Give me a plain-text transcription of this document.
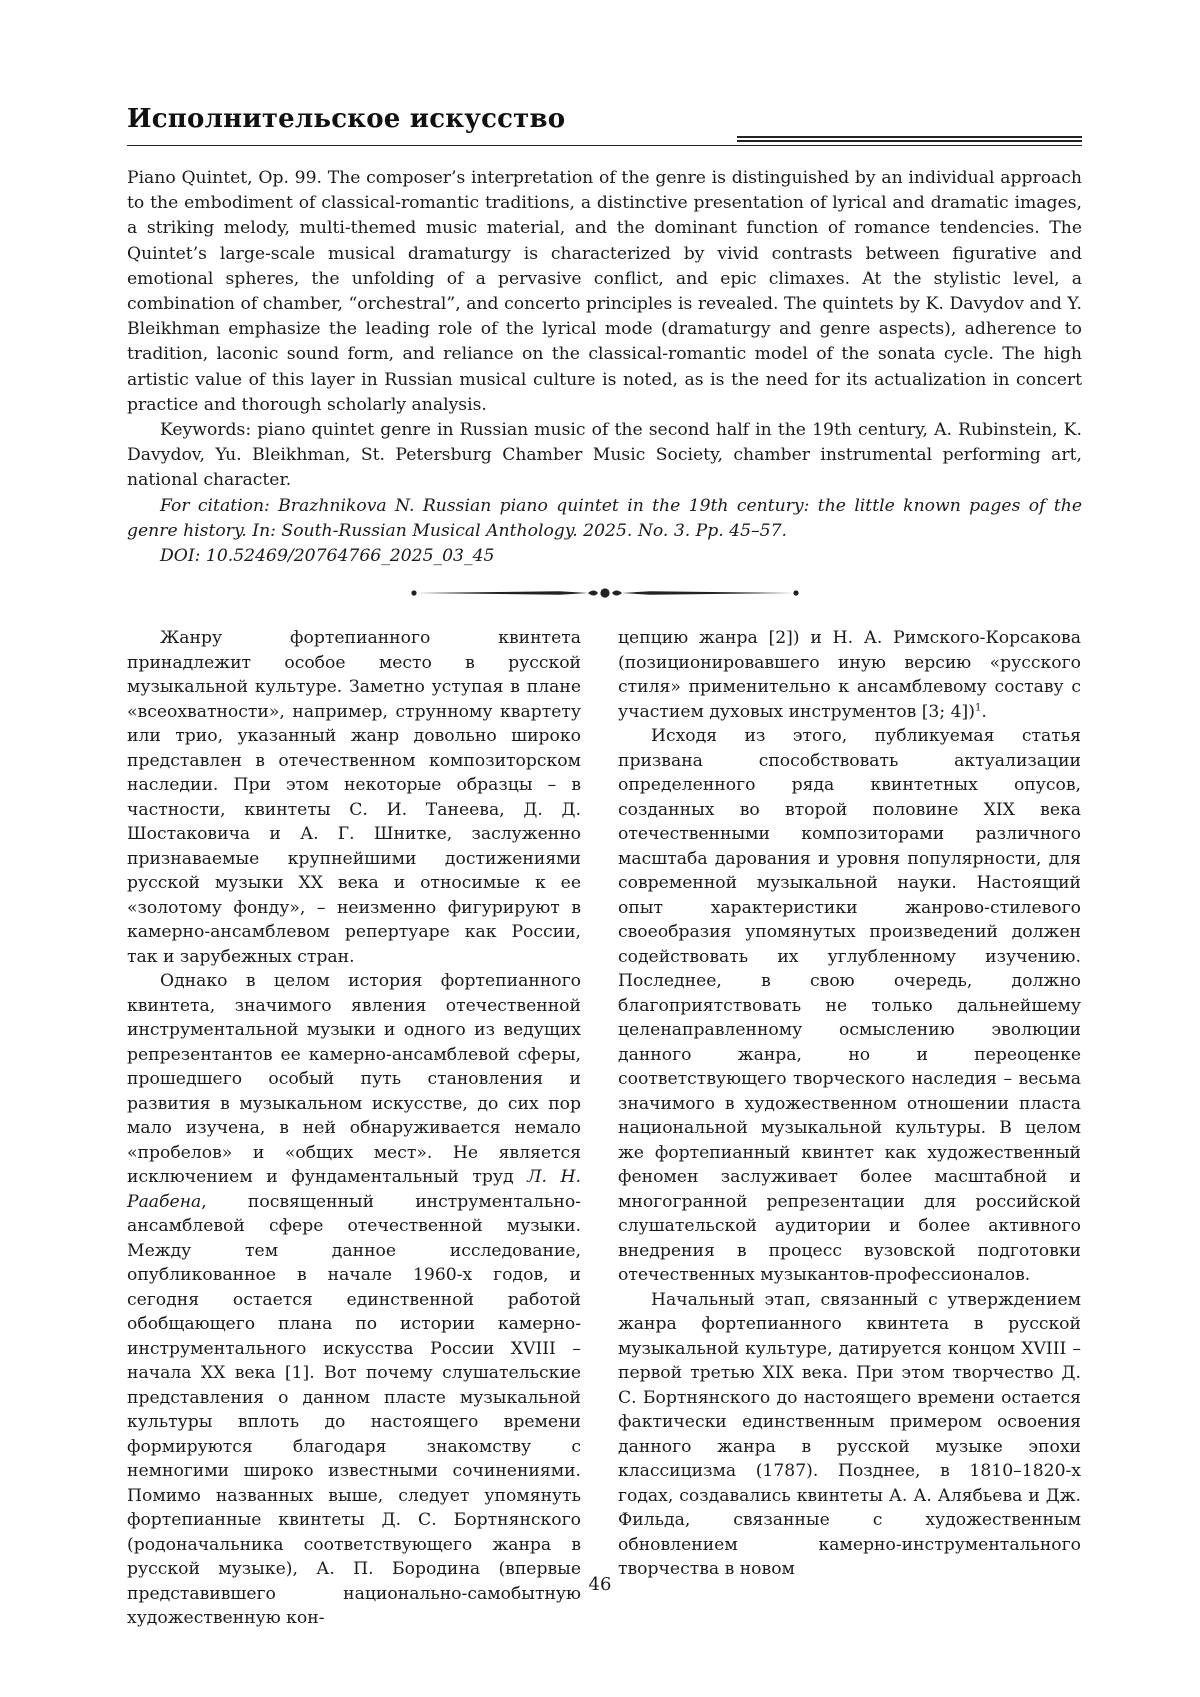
Исполнительское искусство

Piano Quintet, Op. 99. The composer’s interpretation of the genre is distinguished by an individual approach to the embodiment of classical-romantic traditions, a distinctive presentation of lyrical and dramatic images, a striking melody, multi-themed music material, and the dominant function of romance tendencies. The Quintet’s large-scale musical dramaturgy is characterized by vivid contrasts between figurative and emotional spheres, the unfolding of a pervasive conflict, and epic climaxes. At the stylistic level, a combination of chamber, “orchestral”, and concerto principles is revealed. The quintets by K. Davydov and Y. Bleikhman emphasize the leading role of the lyrical mode (dramaturgy and genre aspects), adherence to tradition, laconic sound form, and reliance on the classical-romantic model of the sonata cycle. The high artistic value of this layer in Russian musical culture is noted, as is the need for its actualization in concert practice and thorough scholarly analysis.

Keywords: piano quintet genre in Russian music of the second half in the 19th century, A. Rubinstein, K. Davydov, Yu. Bleikhman, St. Petersburg Chamber Music Society, chamber instrumental performing art, national character.

For citation: Brazhnikova N. Russian piano quintet in the 19th century: the little known pages of the genre history. In: South-Russian Musical Anthology. 2025. No. 3. Pp. 45–57.

DOI: 10.52469/20764766_2025_03_45

Жанру фортепианного квинтета принадлежит особое место в русской музыкальной культуре. Заметно уступая в плане «всеохватности», например, струнному квартету или трио, указанный жанр довольно широко представлен в отечественном композиторском наследии. При этом некоторые образцы – в частности, квинтеты С. И. Танеева, Д. Д. Шостаковича и А. Г. Шнитке, заслуженно признаваемые крупнейшими достижениями русской музыки XX века и относимые к ее «золотому фонду», – неизменно фигурируют в камерно-ансамблевом репертуаре как России, так и зарубежных стран.

Однако в целом история фортепианного квинтета, значимого явления отечественной инструментальной музыки и одного из ведущих репрезентантов ее камерно-ансамблевой сферы, прошедшего особый путь становления и развития в музыкальном искусстве, до сих пор мало изучена, в ней обнаруживается немало «пробелов» и «общих мест». Не является исключением и фундаментальный труд Л. Н. Раабена, посвященный инструментально-ансамблевой сфере отечественной музыки. Между тем данное исследование, опубликованное в начале 1960-х годов, и сегодня остается единственной работой обобщающего плана по истории камерно-инструментального искусства России XVIII – начала XX века [1]. Вот почему слушательские представления о данном пласте музыкальной культуры вплоть до настоящего времени формируются благодаря знакомству с немногими широко известными сочинениями. Помимо названных выше, следует упомянуть фортепианные квинтеты Д. С. Бортнянского (родоначальника соответствующего жанра в русской музыке), А. П. Бородина (впервые представившего национально-самобытную художественную кон-

цепцию жанра [2]) и Н. А. Римского-Корсакова (позиционировавшего иную версию «русского стиля» применительно к ансамблевому составу с участием духовых инструментов [3; 4])$^1$.

Исходя из этого, публикуемая статья призвана способствовать актуализации определенного ряда квинтетных опусов, созданных во второй половине XIX века отечественными композиторами различного масштаба дарования и уровня популярности, для современной музыкальной науки. Настоящий опыт характеристики жанрово-стилевого своеобразия упомянутых произведений должен содействовать их углубленному изучению. Последнее, в свою очередь, должно благоприятствовать не только дальнейшему целенаправленному осмыслению эволюции данного жанра, но и переоценке соответствующего творческого наследия – весьма значимого в художественном отношении пласта национальной музыкальной культуры. В целом же фортепианный квинтет как художественный феномен заслуживает более масштабной и многогранной репрезентации для российской слушательской аудитории и более активного внедрения в процесс вузовской подготовки отечественных музыкантов-профессионалов.

Начальный этап, связанный с утверждением жанра фортепианного квинтета в русской музыкальной культуре, датируется концом XVIII – первой третью XIX века. При этом творчество Д. С. Бортнянского до настоящего времени остается фактически единственным примером освоения данного жанра в русской музыке эпохи классицизма (1787). Позднее, в 1810–1820-х годах, создавались квинтеты А. А. Алябьева и Дж. Фильда, связанные с художественным обновлением камерно-инструментального творчества в новом

46
